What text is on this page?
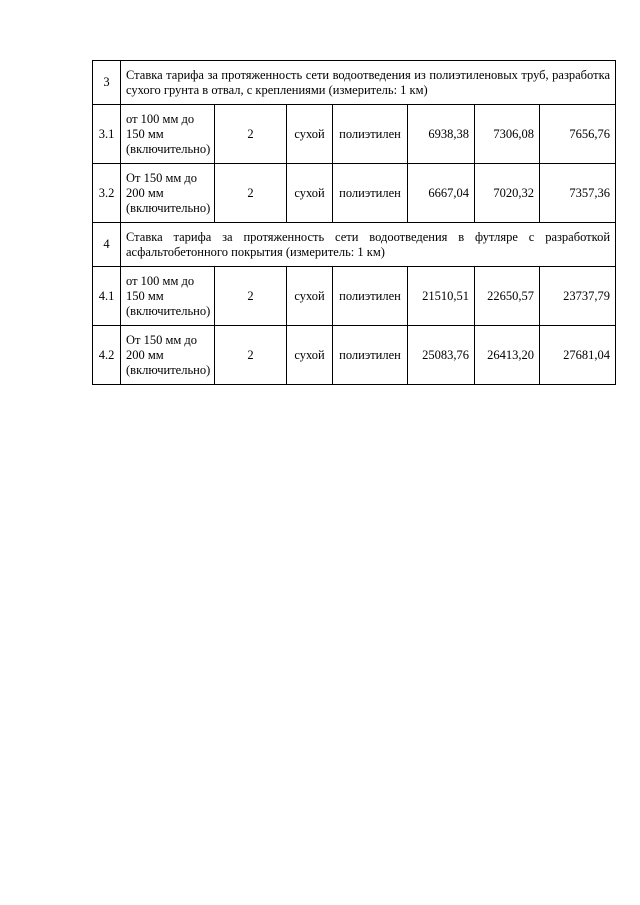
3	Ставка тарифа за протяженность сети водоотведения из полиэтиленовых труб, разработка сухого грунта в отвал, с креплениями (измеритель: 1 км)						
3.1	от 100 мм до
150 мм
(включительно)	2	сухой	полиэтилен	6938,38	7306,08	7656,76
3.2	От 150 мм до
200 мм
(включительно)	2	сухой	полиэтилен	6667,04	7020,32	7357,36
4	Ставка тарифа за протяженность сети водоотведения в футляре с разработкой асфальтобетонного покрытия (измеритель: 1 км)						
4.1	от 100 мм до
150 мм
(включительно)	2	сухой	полиэтилен	21510,51	22650,57	23737,79
4.2	От 150 мм до
200 мм
(включительно)	2	сухой	полиэтилен	25083,76	26413,20	27681,04
